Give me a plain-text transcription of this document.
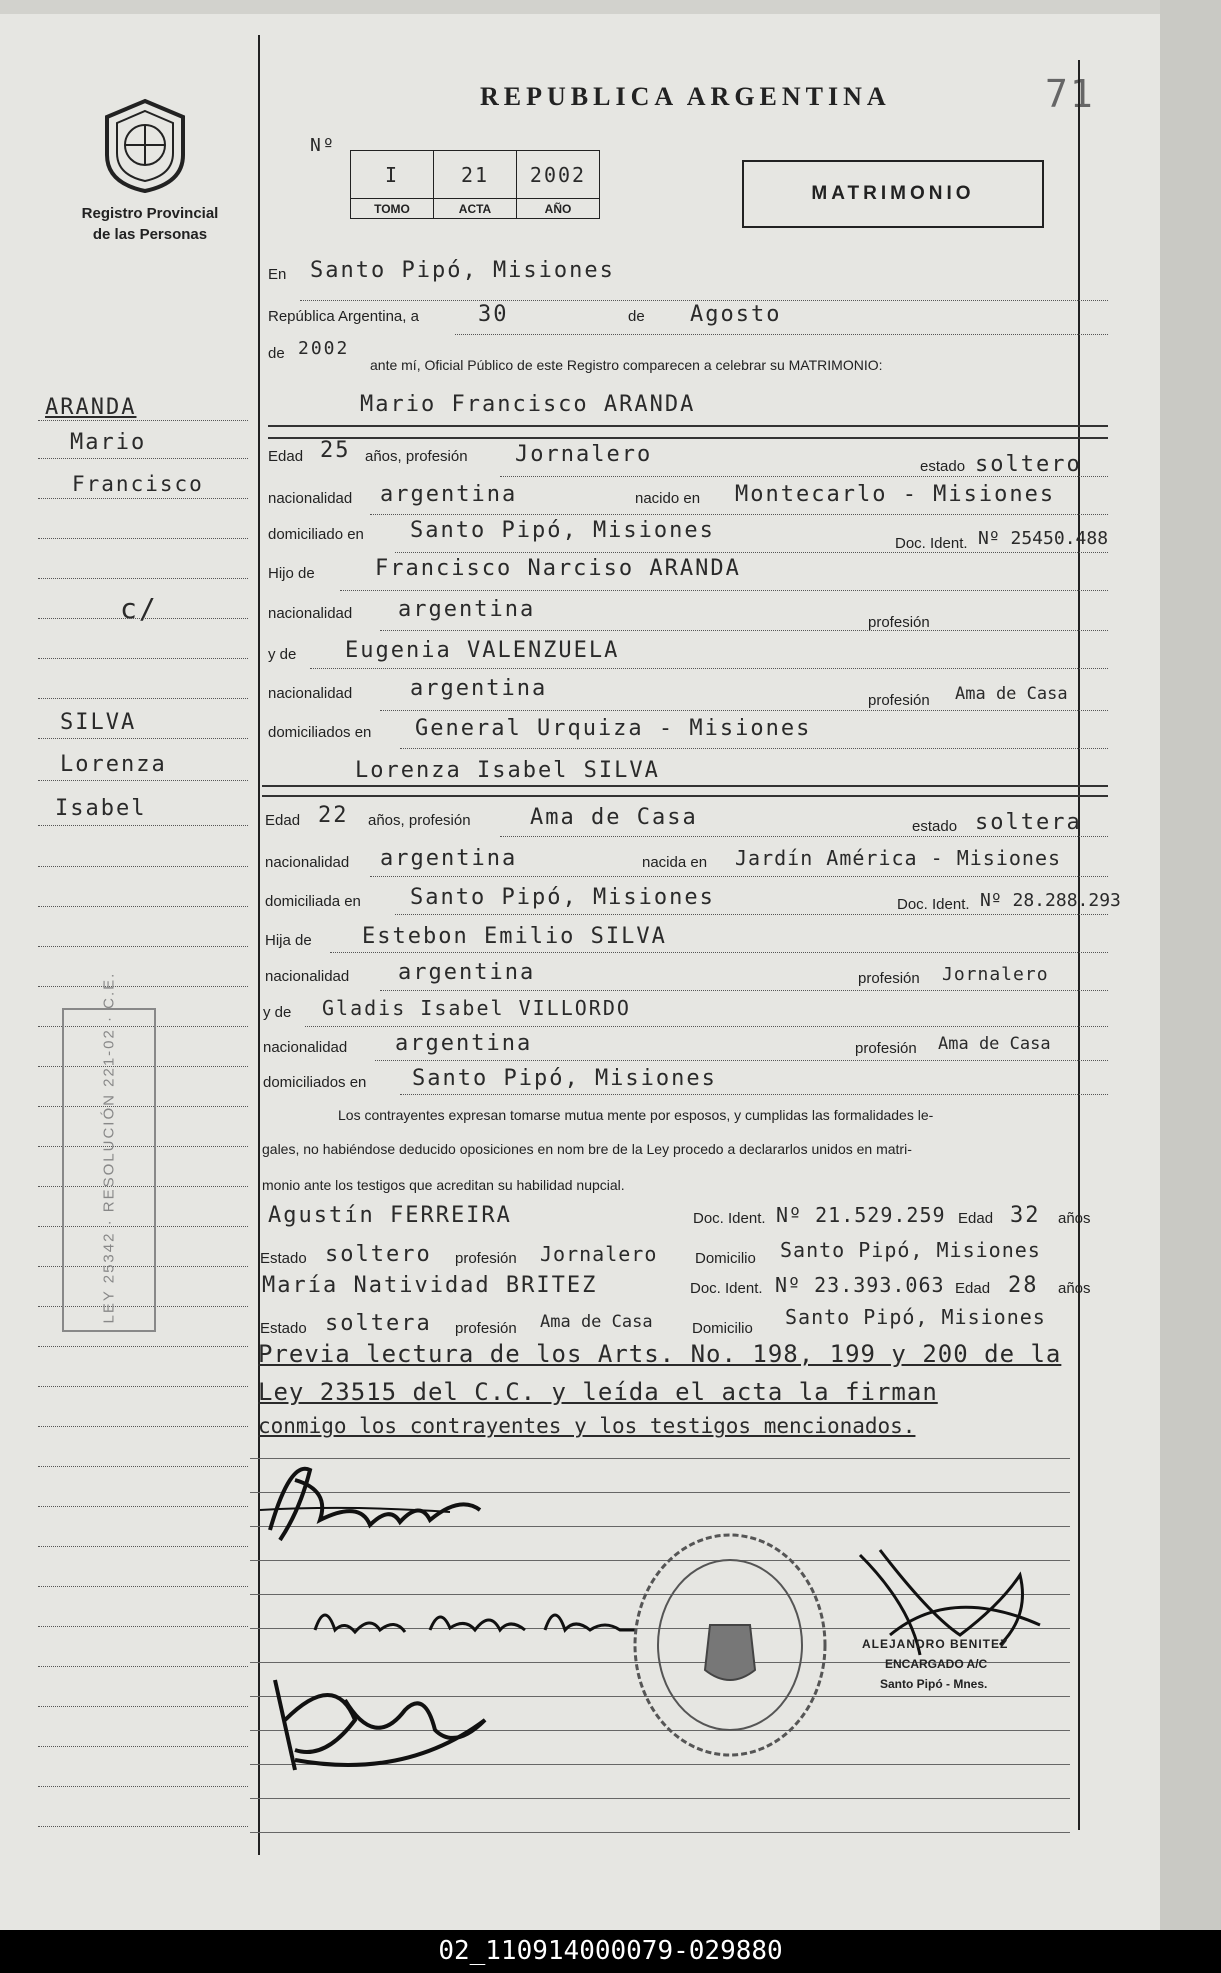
71
Registro Provincial
de las Personas
REPUBLICA ARGENTINA
Nº
I	21	2002
TOMO	ACTA	AÑO
MATRIMONIO
En Santo Pipó, Misiones
República Argentina, a	30	de Agosto
de 2002
ante mí, Oficial Público de este Registro comparecen a celebrar su MATRIMONIO:
Mario Francisco ARANDA
Edad 25 años, profesión Jornalero	estado soltero
nacionalidad argentina	nacido en Montecarlo - Misiones
domiciliado en Santo Pipó, Misiones
Doc. Ident. Nº 25450.488
Hijo de	Francisco Narciso ARANDA
nacionalidad argentina
profesión
y de Eugenia VALENZUELA
nacionalidad	argentina	profesión Ama de Casa
domiciliados en General Urquiza - Misiones
Lorenza Isabel SILVA
Edad 22 años, profesión	Ama de Casa	estado soltera
nacionalidad argentina	nacida en Jardín América - Misiones
domiciliada en Santo Pipó, Misiones	Doc. Ident. Nº 28.288.293
Hija de Estebon Emilio SILVA
nacionalidad argentina	profesión Jornalero
y de Gladis Isabel VILLORDO
nacionalidad argentina	profesión Ama de Casa
domiciliados en Santo Pipó, Misiones
Los contrayentes expresan tomarse mutua mente por esposos, y cumplidas las formalidades le-
gales, no habiéndose deducido oposiciones en nom bre de la Ley procedo a declararlos unidos en matri-
monio ante los testigos que acreditan su habilidad nupcial.
Agustín FERREIRA	Doc. Ident. Nº 21.529.259 Edad 32 años
Estado soltero profesión Jornalero	Domicilio Santo Pipó, Misiones
María Natividad BRITEZ	Doc. Ident. Nº 23.393.063 Edad 28 años
Estado soltera profesión Ama de Casa	Domicilio Santo Pipó, Misiones
Previa lectura de los Arts. No. 198, 199 y 200 de la
Ley 23515 del C.C. y leída el acta la firman
conmigo los contrayentes y los testigos mencionados.
ALEJANDRO BENITEZ
ENCARGADO A/C
Santo Pipó - Mnes.
ARANDA
Mario
Francisco
c/
SILVA
Lorenza
Isabel
LEY 25342 · RESOLUCIÓN 221-02 · C.E.
02_110914000079-029880
